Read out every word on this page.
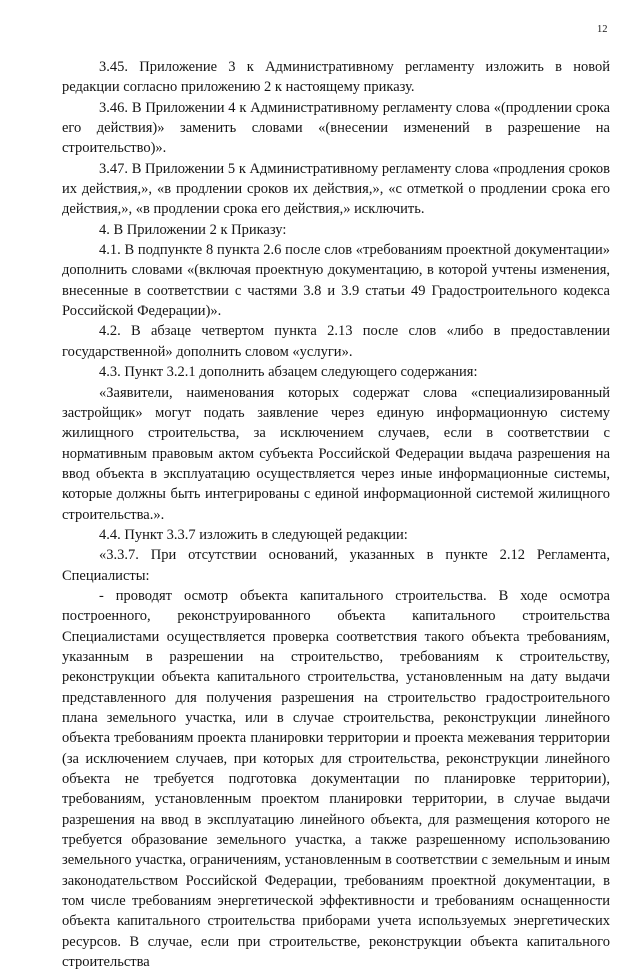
12

3.45. Приложение 3 к Административному регламенту изложить в новой редакции согласно приложению 2 к настоящему приказу.

3.46. В Приложении 4 к Административному регламенту слова «(продлении срока его действия)» заменить словами «(внесении изменений в разрешение на строительство)».

3.47. В Приложении 5 к Административному регламенту слова «продления сроков их действия,», «в продлении сроков их действия,», «с отметкой о продлении срока его действия,», «в продлении срока его действия,» исключить.

4. В Приложении 2 к Приказу:

4.1. В подпункте 8 пункта 2.6 после слов «требованиям проектной документации» дополнить словами «(включая проектную документацию, в которой учтены изменения, внесенные в соответствии с частями 3.8 и 3.9 статьи 49 Градостроительного кодекса Российской Федерации)».

4.2. В абзаце четвертом пункта 2.13 после слов «либо в предоставлении государственной» дополнить словом «услуги».

4.3. Пункт 3.2.1 дополнить абзацем следующего содержания:

«Заявители, наименования которых содержат слова «специализированный застройщик» могут подать заявление через единую информационную систему жилищного строительства, за исключением случаев, если в соответствии с нормативным правовым актом субъекта Российской Федерации выдача разрешения на ввод объекта в эксплуатацию осуществляется через иные информационные системы, которые должны быть интегрированы с единой информационной системой жилищного строительства.».

4.4. Пункт 3.3.7 изложить в следующей редакции:

«3.3.7. При отсутствии оснований, указанных в пункте 2.12 Регламента, Специалисты:

- проводят осмотр объекта капитального строительства. В ходе осмотра построенного, реконструированного объекта капитального строительства Специалистами осуществляется проверка соответствия такого объекта требованиям, указанным в разрешении на строительство, требованиям к строительству, реконструкции объекта капитального строительства, установленным на дату выдачи представленного для получения разрешения на строительство градостроительного плана земельного участка, или в случае строительства, реконструкции линейного объекта требованиям проекта планировки территории и проекта межевания территории (за исключением случаев, при которых для строительства, реконструкции линейного объекта не требуется подготовка документации по планировке территории), требованиям, установленным проектом планировки территории, в случае выдачи разрешения на ввод в эксплуатацию линейного объекта, для размещения которого не требуется образование земельного участка, а также разрешенному использованию земельного участка, ограничениям, установленным в соответствии с земельным и иным законодательством Российской Федерации, требованиям проектной документации, в том числе требованиям энергетической эффективности и требованиям оснащенности объекта капитального строительства приборами учета используемых энергетических ресурсов. В случае, если при строительстве, реконструкции объекта капитального строительства
